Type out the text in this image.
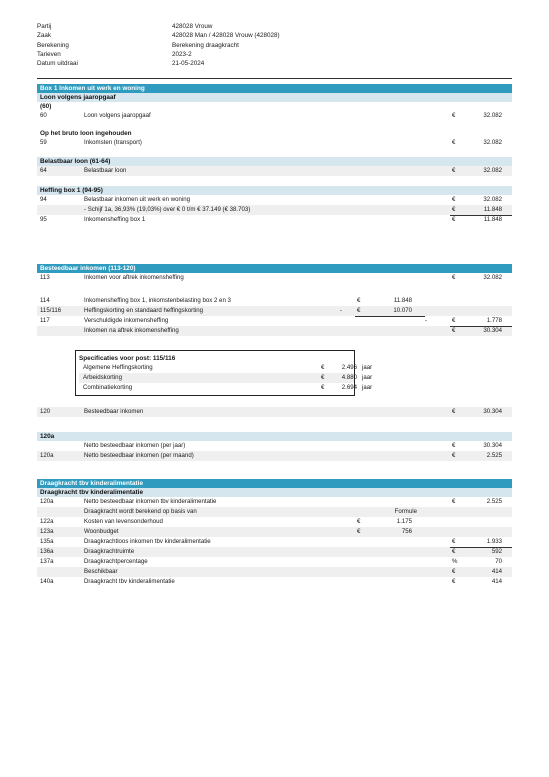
Partij	428028 Vrouw
Zaak	428028 Man / 428028 Vrouw (428028)
Berekening	Berekening draagkracht
Tarieven	2023-2
Datum uitdraai	21-05-2024
Box 1 Inkomen uit werk en woning
Loon volgens jaaropgaaf
(60)
60	Loon volgens jaaropgaaf	€	32.082
Op het bruto loon ingehouden
59	Inkomsten (transport)	€	32.082
Belastbaar loon (61-64)
64	Belastbaar loon	€	32.082
Heffing box 1 (94-95)
94	Belastbaar inkomen uit werk en woning	€	32.082
- Schijf 1a, 36,93% (19,03%) over € 0 t/m € 37.149 (€ 38.703)	€	11.848
95	Inkomensheffing box 1	€	11.848
Besteedbaar inkomen (113-120)
113	Inkomen voor aftrek inkomensheffing	€	32.082
114	Inkomensheffing box 1, inkomstenbelasting box 2 en 3	€	11.848
115/116	Heffingskorting en standaard heffingskorting	- €	10.070
117	Verschuldigde inkomensheffing	-	€	1.778
Inkomen na aftrek inkomensheffing	€	30.304
Specificaties voor post: 115/116
Algemene Heffingskorting	€	2.496 jaar
Arbeidskorting	€	4.880 jaar
Combinatiekorting	€	2.694 jaar
120	Besteedbaar inkomen	€	30.304
120a
Netto besteedbaar inkomen (per jaar)	€	30.304
120a	Netto besteedbaar inkomen (per maand)	€	2.525
Draagkracht tbv kinderalimentatie
Draagkracht tbv kinderalimentatie
120a	Netto besteedbaar inkomen tbv kinderalimentatie	€	2.525
Draagkracht wordt berekend op basis van	Formule
122a	Kosten van levensonderhoud	€	1.175
123a	Woonbudget	€	756
135a	Draagkrachtloos inkomen tbv kinderalimentatie	€	1.933
136a	Draagkrachtruimte	€	592
137a	Draagkrachtpercentage	%	70
Beschikbaar	€	414
140a	Draagkracht tbv kinderalimentatie	€	414
